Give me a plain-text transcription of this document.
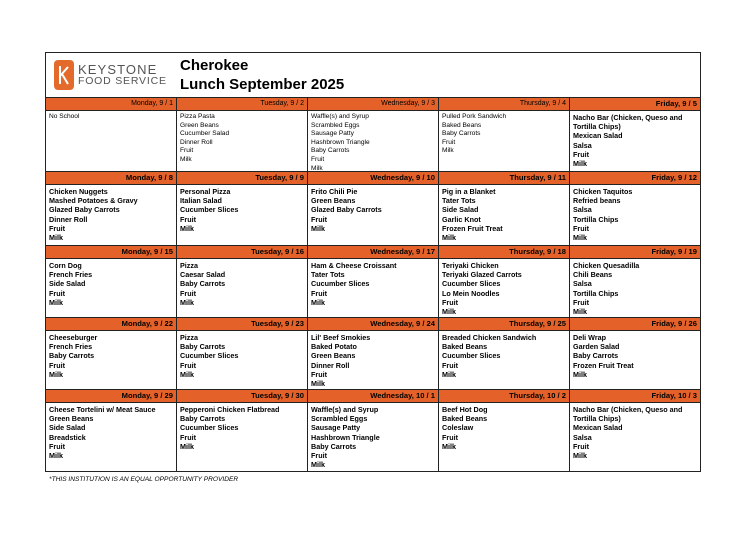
KEYSTONE
FOOD SERVICE
Cherokee
Lunch September 2025
Monday, 9 / 1
No School
Tuesday, 9 / 2
Pizza Pasta
Green Beans
Cucumber Salad
Dinner Roll
Fruit
Milk
Wednesday, 9 / 3
Waffle(s) and Syrup
Scrambled Eggs
Sausage Patty
Hashbrown Triangle
Baby Carrots
Fruit
Milk
Thursday, 9 / 4
Pulled Pork Sandwich
Baked Beans
Baby Carrots
Fruit
Milk
Friday, 9 / 5
Nacho Bar (Chicken, Queso and Tortilla Chips)
Mexican Salad
Salsa
Fruit
Milk
Monday, 9 / 8
Chicken Nuggets
Mashed Potatoes & Gravy
Glazed Baby Carrots
Dinner Roll
Fruit
Milk
Tuesday, 9 / 9
Personal Pizza
Italian Salad
Cucumber Slices
Fruit
Milk
Wednesday, 9 / 10
Frito Chili Pie
Green Beans
Glazed Baby Carrots
Fruit
Milk
Thursday, 9 / 11
Pig in a Blanket
Tater Tots
Side Salad
Garlic Knot
Frozen Fruit Treat
Milk
Friday, 9 / 12
Chicken Taquitos
Refried beans
Salsa
Tortilla Chips
Fruit
Milk
Monday, 9 / 15
Corn Dog
French Fries
Side Salad
Fruit
Milk
Tuesday, 9 / 16
Pizza
Caesar Salad
Baby Carrots
Fruit
Milk
Wednesday, 9 / 17
Ham & Cheese Croissant
Tater Tots
Cucumber Slices
Fruit
Milk
Thursday, 9 / 18
Teriyaki Chicken
Teriyaki Glazed Carrots
Cucumber Slices
Lo Mein Noodles
Fruit
Milk
Friday, 9 / 19
Chicken Quesadilla
Chili Beans
Salsa
Tortilla Chips
Fruit
Milk
Monday, 9 / 22
Cheeseburger
French Fries
Baby Carrots
Fruit
Milk
Tuesday, 9 / 23
Pizza
Baby Carrots
Cucumber Slices
Fruit
Milk
Wednesday, 9 / 24
Lil' Beef Smokies
Baked Potato
Green Beans
Dinner Roll
Fruit
Milk
Thursday, 9 / 25
Breaded Chicken Sandwich
Baked Beans
Cucumber Slices
Fruit
Milk
Friday, 9 / 26
Deli Wrap
Garden Salad
Baby Carrots
Frozen Fruit Treat
Milk
Monday, 9 / 29
Cheese Tortelini w/ Meat Sauce
Green Beans
Side Salad
Breadstick
Fruit
Milk
Tuesday, 9 / 30
Pepperoni Chicken Flatbread
Baby Carrots
Cucumber Slices
Fruit
Milk
Wednesday, 10 / 1
Waffle(s) and Syrup
Scrambled Eggs
Sausage Patty
Hashbrown Triangle
Baby Carrots
Fruit
Milk
Thursday, 10 / 2
Beef Hot Dog
Baked Beans
Coleslaw
Fruit
Milk
Friday, 10 / 3
Nacho Bar (Chicken, Queso and Tortilla Chips)
Mexican Salad
Salsa
Fruit
Milk
*THIS INSTITUTION IS AN EQUAL OPPORTUNITY PROVIDER
